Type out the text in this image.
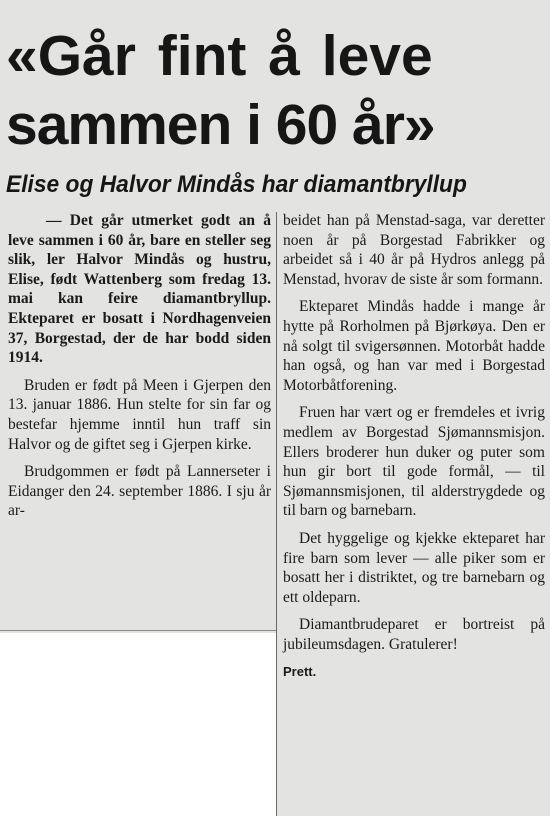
«Går fint å leve
sammen i 60 år»
Elise og Halvor Mindås har diamantbryllup

— Det går utmerket godt an å leve sammen i 60 år, bare en steller seg slik, ler Halvor Mindås og hustru, Elise, født Wattenberg som fredag 13. mai kan feire diamantbryllup. Ekteparet er bosatt i Nordhagenveien 37, Borgestad, der de har bodd siden 1914.

Bruden er født på Meen i Gjerpen den 13. januar 1886. Hun stelte for sin far og bestefar hjemme inntil hun traff sin Halvor og de giftet seg i Gjerpen kirke.

Brudgommen er født på Lannerseter i Eidanger den 24. september 1886. I sju år ar-

beidet han på Menstad-saga, var deretter noen år på Borgestad Fabrikker og arbeidet så i 40 år på Hydros anlegg på Menstad, hvorav de siste år som formann.

Ekteparet Mindås hadde i mange år hytte på Rorholmen på Bjørkøya. Den er nå solgt til svigersønnen. Motorbåt hadde han også, og han var med i Borgestad Motorbåtforening.

Fruen har vært og er fremdeles et ivrig medlem av Borgestad Sjømannsmisjon. Ellers broderer hun duker og puter som hun gir bort til gode formål, — til Sjømannsmisjonen, til alderstrygdede og til barn og barnebarn.

Det hyggelige og kjekke ekteparet har fire barn som lever — alle piker som er bosatt her i distriktet, og tre barnebarn og ett oldeparn.

Diamantbrudeparet er bortreist på jubileumsdagen. Gratulerer!

Prett.
